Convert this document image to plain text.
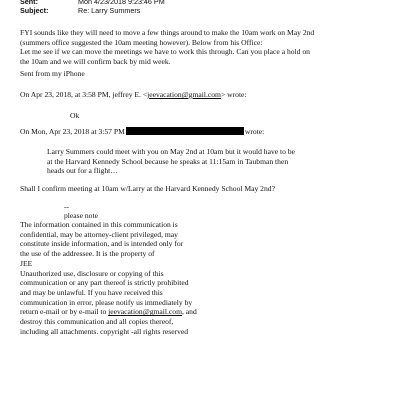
Sent:	Mon 4/23/2018 9:23:46 PM
Subject:	Re: Larry Summers
FYI sounds like they will need to move a few things around to make the 10am work on May 2nd
(summers office suggested the 10am meeting however). Below from his Office:
Let me see if we can move the meetings we have to work this through. Can you place a hold on
the 10am and we will confirm back by mid week.
Sent from my iPhone
On Apr 23, 2018, at 3:58 PM, jeffrey E. <jeevacation@gmail.com> wrote:
Ok
On Mon, Apr 23, 2018 at 3:57 PM	wrote:
Larry Summers could meet with you on May 2nd at 10am but it would have to be
at the Harvard Kennedy School because he speaks at 11:15am in Taubman then
heads out for a flight…
Shall I confirm meeting at 10am w/Larry at the Harvard Kennedy School May 2nd?
--
please note
The information contained in this communication is
confidential, may be attorney-client privileged, may
constitute inside information, and is intended only for
the use of the addressee. It is the property of
JEE
Unauthorized use, disclosure or copying of this
communication or any part thereof is strictly prohibited
and may be unlawful. If you have received this
communication in error, please notify us immediately by
return e-mail or by e-mail to jeevacation@gmail.com, and
destroy this communication and all copies thereof,
including all attachments. copyright -all rights reserved
